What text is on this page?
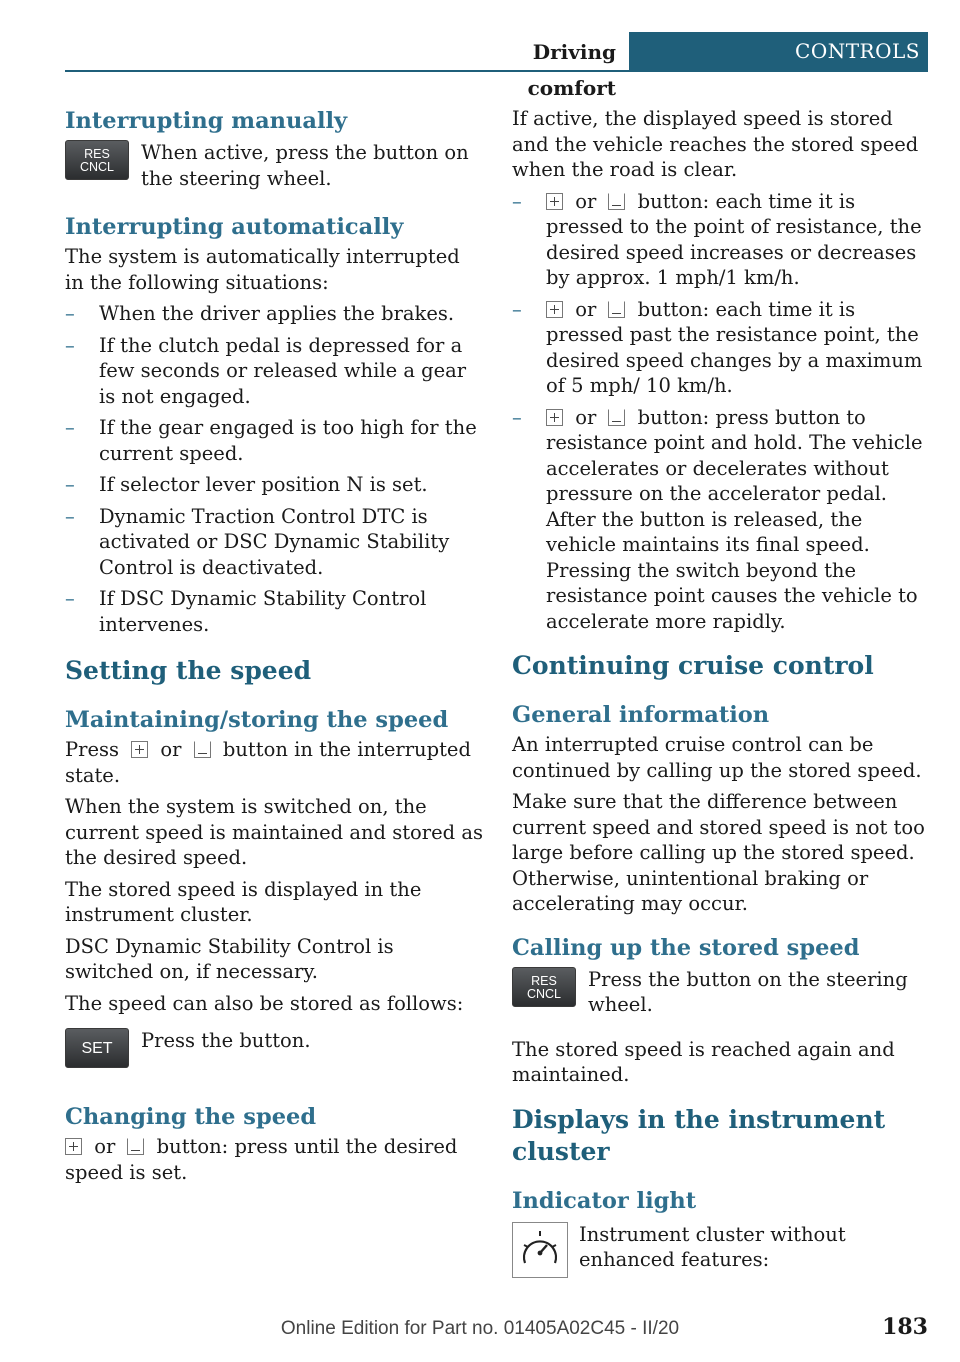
Driving comfort
CONTROLS
Interrupting manually
RES
CNCL

When active, press the button on the steering wheel.

Interrupting automatically

The system is automatically interrupted in the following situations:

– When the driver applies the brakes.
– If the clutch pedal is depressed for a few seconds or released while a gear is not engaged.
– If the gear engaged is too high for the current speed.
– If selector lever position N is set.
– Dynamic Traction Control DTC is activated or DSC Dynamic Stability Control is deactivated.
– If DSC Dynamic Stability Control intervenes.
Setting the speed
Maintaining/storing the speed

Press or button in the interrupted state.

When the system is switched on, the current speed is maintained and stored as the desired speed.

The stored speed is displayed in the instrument cluster.

DSC Dynamic Stability Control is switched on, if necessary.

The speed can also be stored as follows:

SET	Press the button.

Changing the speed

or button: press until the desired speed is set.

If active, the displayed speed is stored and the vehicle reaches the stored speed when the road is clear.

– or button: each time it is pressed to the point of resistance, the desired speed increases or decreases by approx. 1 mph/1 km/h.
– or button: each time it is pressed past the resistance point, the desired speed changes by a maximum of 5 mph/ 10 km/h.
– or button: press button to resistance point and hold. The vehicle accelerates or decelerates without pressure on the accelerator pedal. After the button is released, the vehicle maintains its final speed. Pressing the switch beyond the resistance point causes the vehicle to accelerate more rapidly.
Continuing cruise control
General information

An interrupted cruise control can be continued by calling up the stored speed.

Make sure that the difference between current speed and stored speed is not too large before calling up the stored speed. Otherwise, unintentional braking or accelerating may occur.

Calling up the stored speed
RES
CNCL

Press the button on the steering wheel.

The stored speed is reached again and maintained.

Displays in the instrument cluster
Indicator light

Instrument cluster without enhanced features:

Online Edition for Part no. 01405A02C45 - II/20	183
